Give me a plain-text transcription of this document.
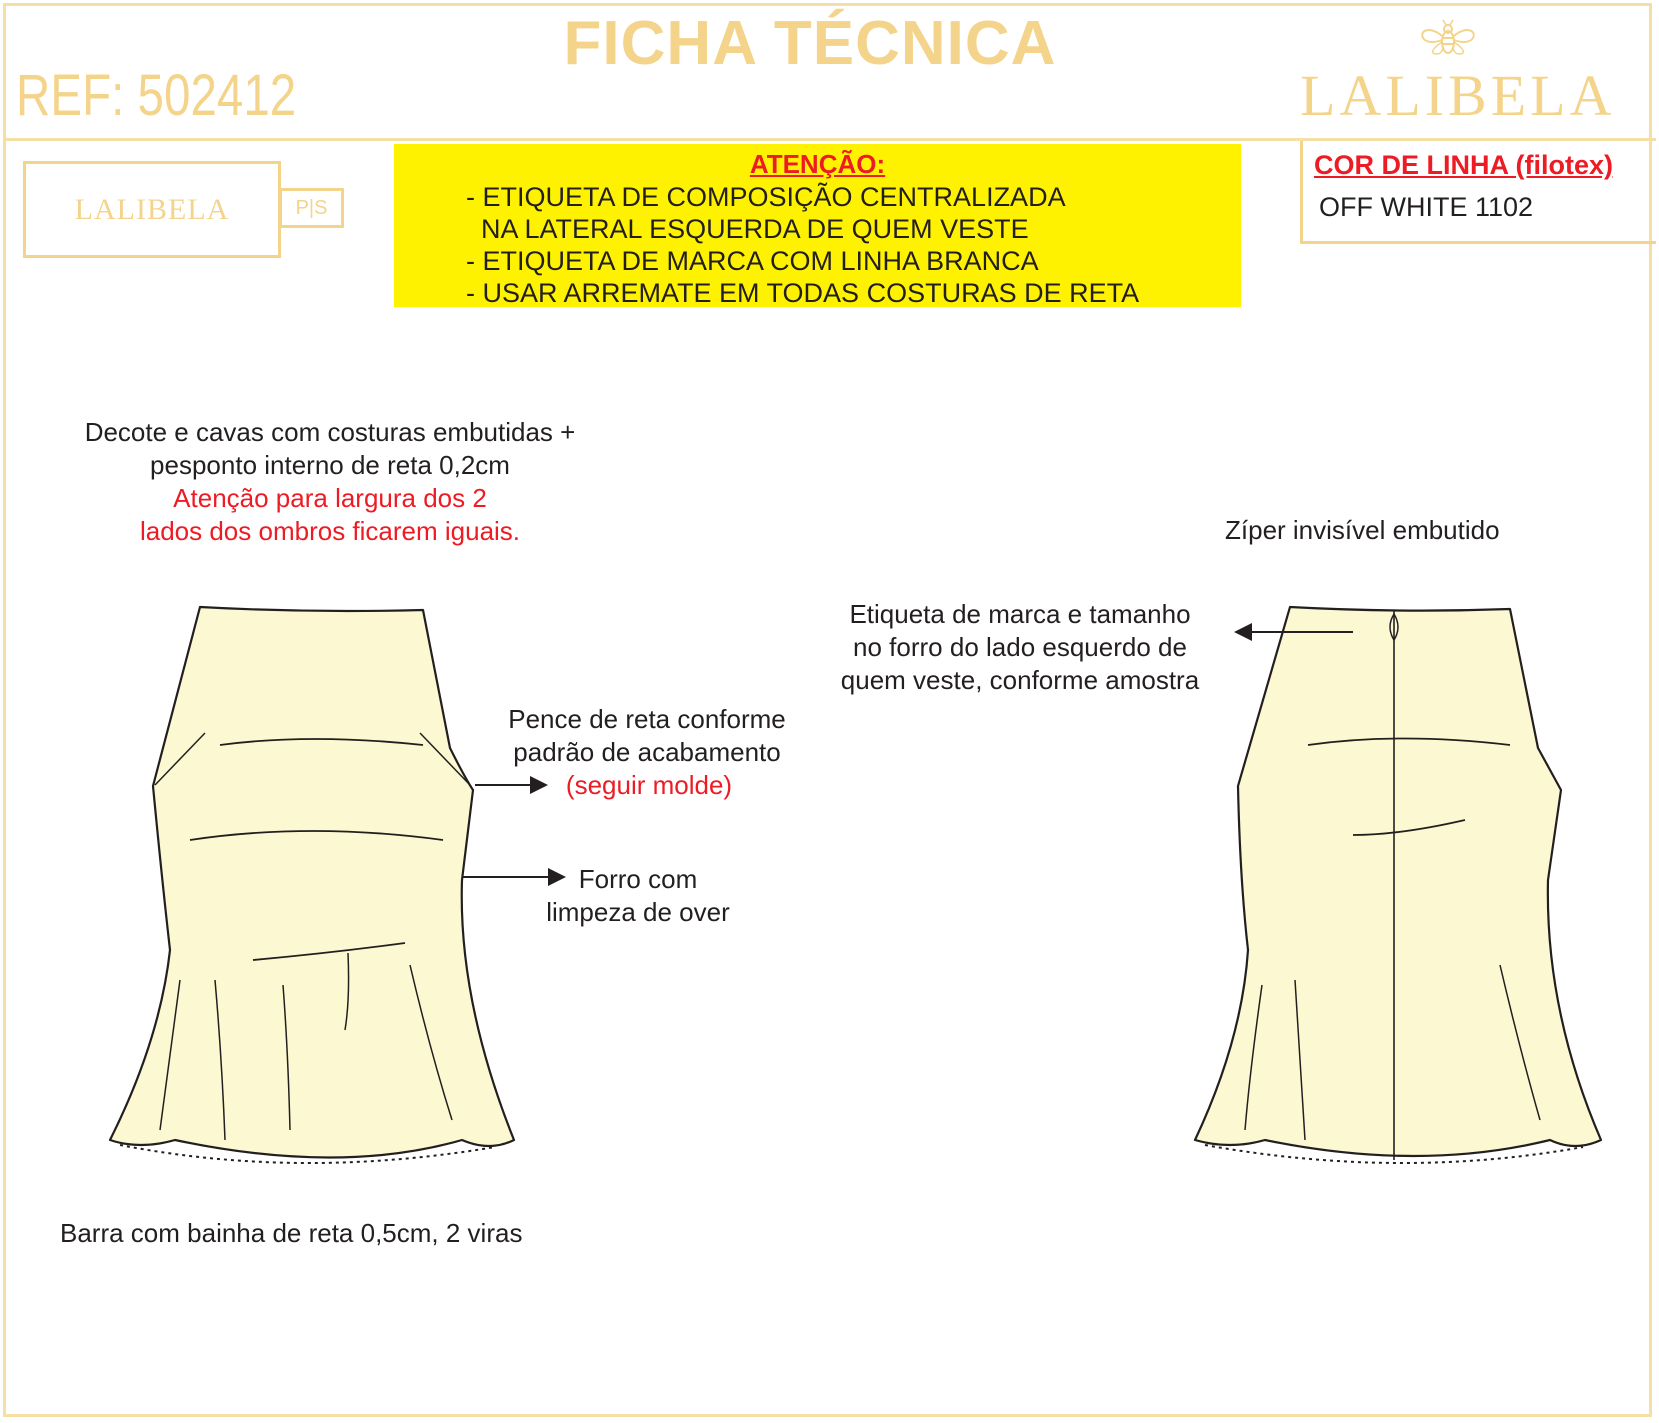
FICHA TÉCNICA
REF: 502412	LALIBELA
LALIBELA	P|S
ATENÇÃO:
- ETIQUETA DE COMPOSIÇÃO CENTRALIZADA
NA LATERAL ESQUERDA DE QUEM VESTE
- ETIQUETA DE MARCA COM LINHA BRANCA
- USAR ARREMATE EM TODAS COSTURAS DE RETA
COR DE LINHA (filotex)
OFF WHITE 1102
Decote e cavas com costuras embutidas +
pesponto interno de reta 0,2cm
Atenção para largura dos 2
lados dos ombros ficarem iguais.
Pence de reta conforme
padrão de acabamento
(seguir molde)
Forro com
limpeza de over
Barra com bainha de reta 0,5cm, 2 viras
Zíper invisível embutido
Etiqueta de marca e tamanho
no forro do lado esquerdo de
quem veste, conforme amostra
